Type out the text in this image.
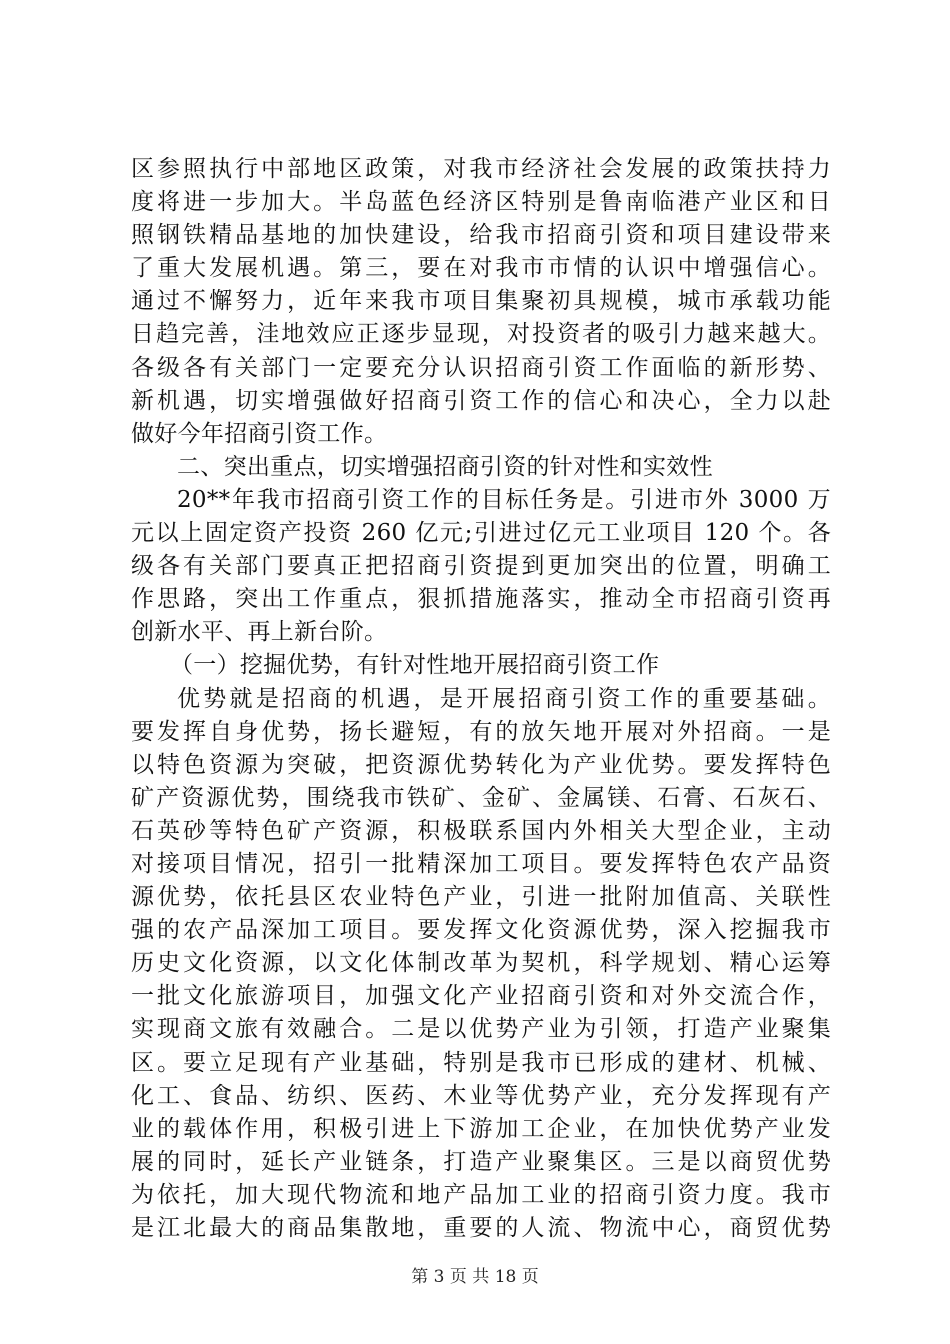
区参照执行中部地区政策，对我市经济社会发展的政策扶持力
度将进一步加大。半岛蓝色经济区特别是鲁南临港产业区和日
照钢铁精品基地的加快建设，给我市招商引资和项目建设带来
了重大发展机遇。第三，要在对我市市情的认识中增强信心。
通过不懈努力，近年来我市项目集聚初具规模，城市承载功能
日趋完善，洼地效应正逐步显现，对投资者的吸引力越来越大。
各级各有关部门一定要充分认识招商引资工作面临的新形势、
新机遇，切实增强做好招商引资工作的信心和决心，全力以赴
做好今年招商引资工作。
二、突出重点，切实增强招商引资的针对性和实效性
20**年我市招商引资工作的目标任务是。引进市外 3000 万
元以上固定资产投资 260 亿元;引进过亿元工业项目 120 个。各
级各有关部门要真正把招商引资提到更加突出的位置，明确工
作思路，突出工作重点，狠抓措施落实，推动全市招商引资再
创新水平、再上新台阶。
（一）挖掘优势，有针对性地开展招商引资工作
优势就是招商的机遇，是开展招商引资工作的重要基础。
要发挥自身优势，扬长避短，有的放矢地开展对外招商。一是
以特色资源为突破，把资源优势转化为产业优势。要发挥特色
矿产资源优势，围绕我市铁矿、金矿、金属镁、石膏、石灰石、
石英砂等特色矿产资源，积极联系国内外相关大型企业，主动
对接项目情况，招引一批精深加工项目。要发挥特色农产品资
源优势，依托县区农业特色产业，引进一批附加值高、关联性
强的农产品深加工项目。要发挥文化资源优势，深入挖掘我市
历史文化资源，以文化体制改革为契机，科学规划、精心运筹
一批文化旅游项目，加强文化产业招商引资和对外交流合作，
实现商文旅有效融合。二是以优势产业为引领，打造产业聚集
区。要立足现有产业基础，特别是我市已形成的建材、机械、
化工、食品、纺织、医药、木业等优势产业，充分发挥现有产
业的载体作用，积极引进上下游加工企业，在加快优势产业发
展的同时，延长产业链条，打造产业聚集区。三是以商贸优势
为依托，加大现代物流和地产品加工业的招商引资力度。我市
是江北最大的商品集散地，重要的人流、物流中心，商贸优势
第 3 页 共 18 页
